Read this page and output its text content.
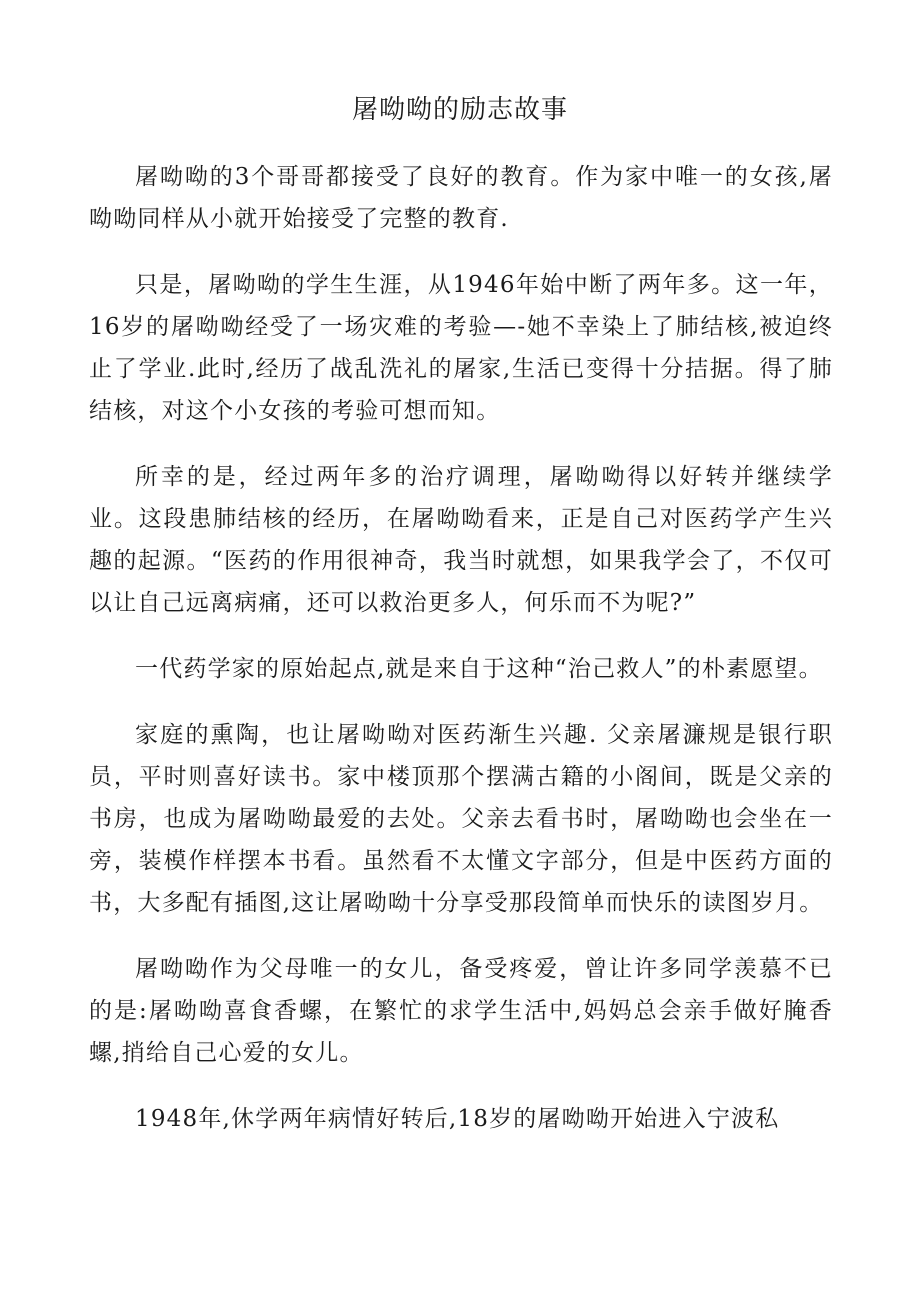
屠呦呦的励志故事

屠呦呦的3个哥哥都接受了良好的教育。作为家中唯一的女孩,屠呦呦同样从小就开始接受了完整的教育.

只是，屠呦呦的学生生涯，从1946年始中断了两年多。这一年，16岁的屠呦呦经受了一场灾难的考验—-她不幸染上了肺结核,被迫终止了学业.此时,经历了战乱洗礼的屠家,生活已变得十分拮据。得了肺结核，对这个小女孩的考验可想而知。

所幸的是，经过两年多的治疗调理，屠呦呦得以好转并继续学业。这段患肺结核的经历，在屠呦呦看来，正是自己对医药学产生兴趣的起源。“医药的作用很神奇，我当时就想，如果我学会了，不仅可以让自己远离病痛，还可以救治更多人，何乐而不为呢?”

一代药学家的原始起点,就是来自于这种“治己救人”的朴素愿望。

家庭的熏陶，也让屠呦呦对医药渐生兴趣. 父亲屠濂规是银行职员，平时则喜好读书。家中楼顶那个摆满古籍的小阁间，既是父亲的书房，也成为屠呦呦最爱的去处。父亲去看书时，屠呦呦也会坐在一旁，装模作样摆本书看。虽然看不太懂文字部分，但是中医药方面的书，大多配有插图,这让屠呦呦十分享受那段简单而快乐的读图岁月。

屠呦呦作为父母唯一的女儿，备受疼爱，曾让许多同学羡慕不已的是:屠呦呦喜食香螺，在繁忙的求学生活中,妈妈总会亲手做好腌香螺,捎给自己心爱的女儿。

1948年,休学两年病情好转后,18岁的屠呦呦开始进入宁波私
